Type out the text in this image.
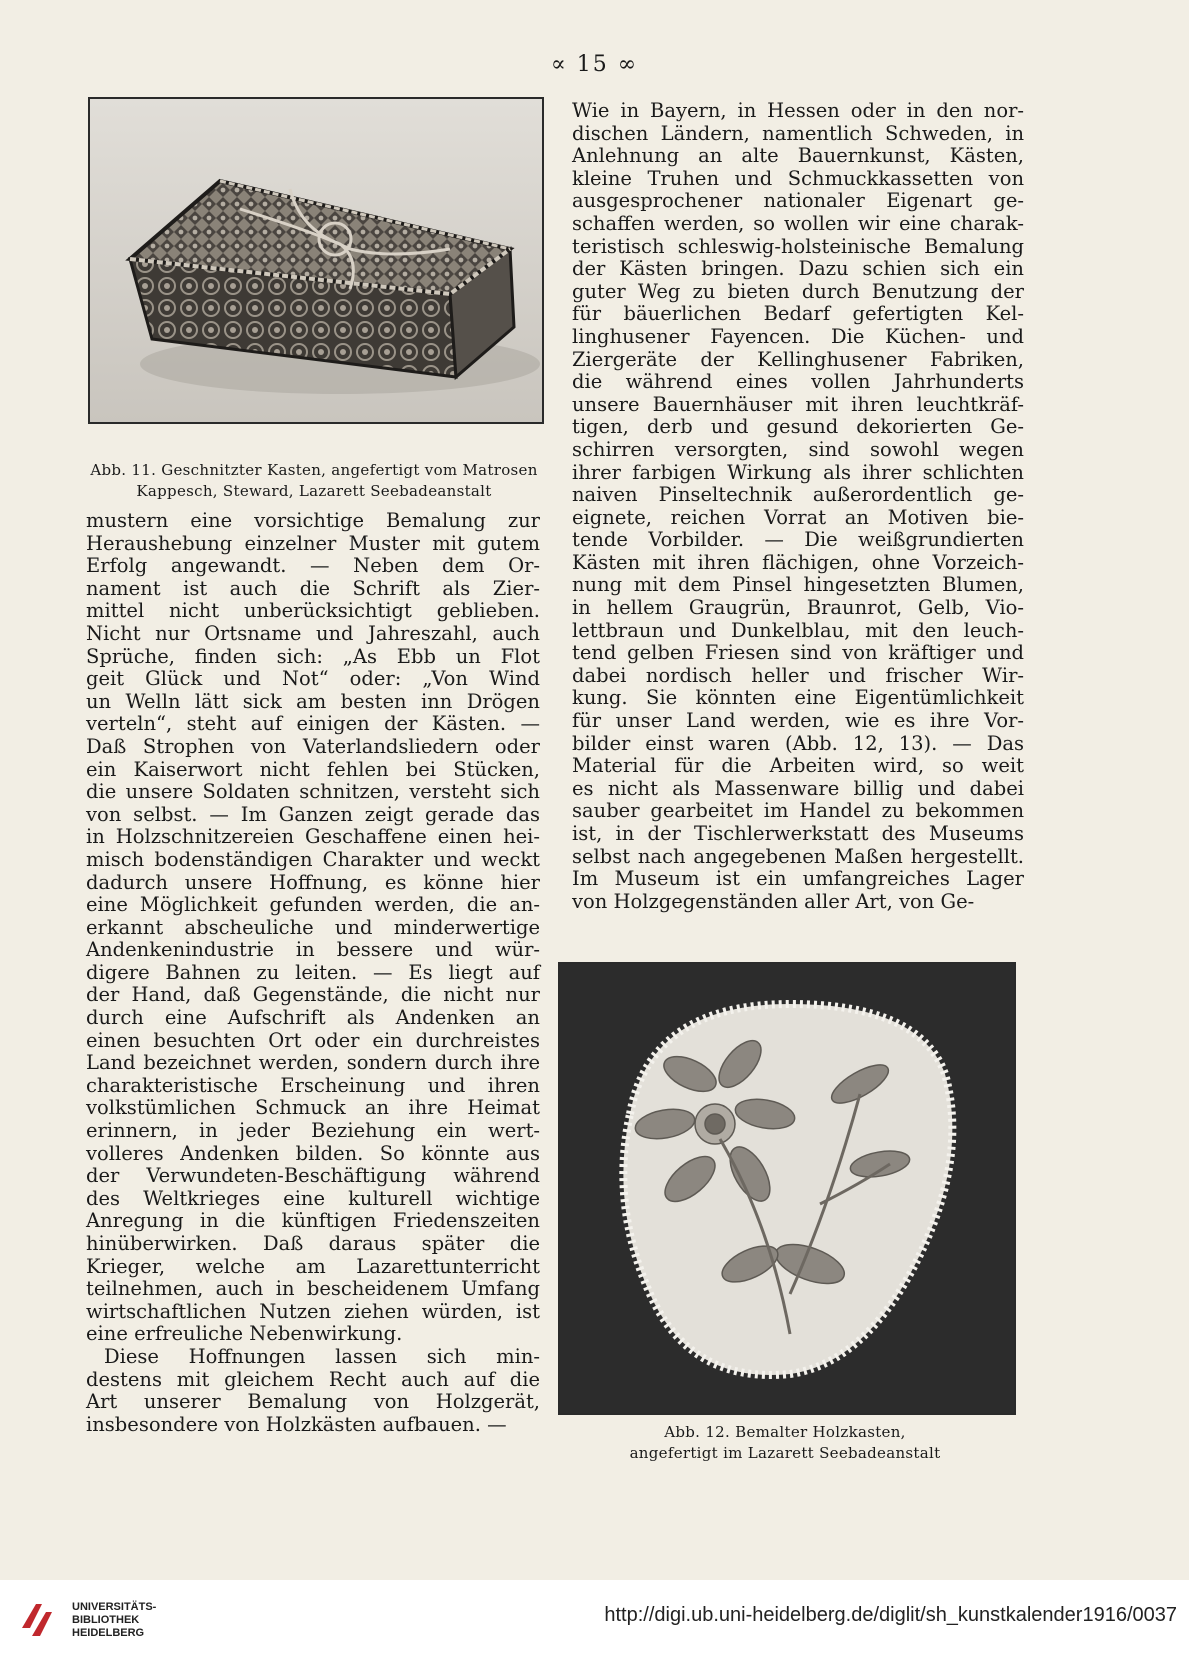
∝ 15 ∞
Abb. 11. Geschnitzter Kasten, angefertigt vom Matrosen
Kappesch, Steward, Lazarett Seebadeanstalt
mustern eine vorsichtige Bemalung zur
Heraushebung einzelner Muster mit gutem
Erfolg angewandt. — Neben dem Or-
nament ist auch die Schrift als Zier-
mittel nicht unberücksichtigt geblieben.
Nicht nur Ortsname und Jahreszahl, auch
Sprüche, finden sich: „As Ebb un Flot
geit Glück und Not“ oder: „Von Wind
un Welln lätt sick am besten inn Drögen
verteln“, steht auf einigen der Kästen. —
Daß Strophen von Vaterlandsliedern oder
ein Kaiserwort nicht fehlen bei Stücken,
die unsere Soldaten schnitzen, versteht sich
von selbst. — Im Ganzen zeigt gerade das
in Holzschnitzereien Geschaffene einen hei-
misch bodenständigen Charakter und weckt
dadurch unsere Hoffnung, es könne hier
eine Möglichkeit gefunden werden, die an-
erkannt abscheuliche und minderwertige
Andenkenindustrie in bessere und wür-
digere Bahnen zu leiten. — Es liegt auf
der Hand, daß Gegenstände, die nicht nur
durch eine Aufschrift als Andenken an
einen besuchten Ort oder ein durchreistes
Land bezeichnet werden, sondern durch ihre
charakteristische Erscheinung und ihren
volkstümlichen Schmuck an ihre Heimat
erinnern, in jeder Beziehung ein wert-
volleres Andenken bilden. So könnte aus
der Verwundeten-Beschäftigung während
des Weltkrieges eine kulturell wichtige
Anregung in die künftigen Friedenszeiten
hinüberwirken. Daß daraus später die
Krieger, welche am Lazarettunterricht
teilnehmen, auch in bescheidenem Umfang
wirtschaftlichen Nutzen ziehen würden, ist
eine erfreuliche Nebenwirkung.
Diese Hoffnungen lassen sich min-
destens mit gleichem Recht auch auf die
Art unserer Bemalung von Holzgerät,
insbesondere von Holzkästen aufbauen. —
Wie in Bayern, in Hessen oder in den nor-
dischen Ländern, namentlich Schweden, in
Anlehnung an alte Bauernkunst, Kästen,
kleine Truhen und Schmuckkassetten von
ausgesprochener nationaler Eigenart ge-
schaffen werden, so wollen wir eine charak-
teristisch schleswig-holsteinische Bemalung
der Kästen bringen. Dazu schien sich ein
guter Weg zu bieten durch Benutzung der
für bäuerlichen Bedarf gefertigten Kel-
linghusener Fayencen. Die Küchen- und
Ziergeräte der Kellinghusener Fabriken,
die während eines vollen Jahrhunderts
unsere Bauernhäuser mit ihren leuchtkräf-
tigen, derb und gesund dekorierten Ge-
schirren versorgten, sind sowohl wegen
ihrer farbigen Wirkung als ihrer schlichten
naiven Pinseltechnik außerordentlich ge-
eignete, reichen Vorrat an Motiven bie-
tende Vorbilder. — Die weißgrundierten
Kästen mit ihren flächigen, ohne Vorzeich-
nung mit dem Pinsel hingesetzten Blumen,
in hellem Graugrün, Braunrot, Gelb, Vio-
lettbraun und Dunkelblau, mit den leuch-
tend gelben Friesen sind von kräftiger und
dabei nordisch heller und frischer Wir-
kung. Sie könnten eine Eigentümlichkeit
für unser Land werden, wie es ihre Vor-
bilder einst waren (Abb. 12, 13). — Das
Material für die Arbeiten wird, so weit
es nicht als Massenware billig und dabei
sauber gearbeitet im Handel zu bekommen
ist, in der Tischlerwerkstatt des Museums
selbst nach angegebenen Maßen hergestellt.
Im Museum ist ein umfangreiches Lager
von Holzgegenständen aller Art, von Ge-
Abb. 12. Bemalter Holzkasten,
angefertigt im Lazarett Seebadeanstalt
UNIVERSITÄTS-
BIBLIOTHEK
HEIDELBERG
http://digi.ub.uni-heidelberg.de/diglit/sh_kunstkalender1916/0037
